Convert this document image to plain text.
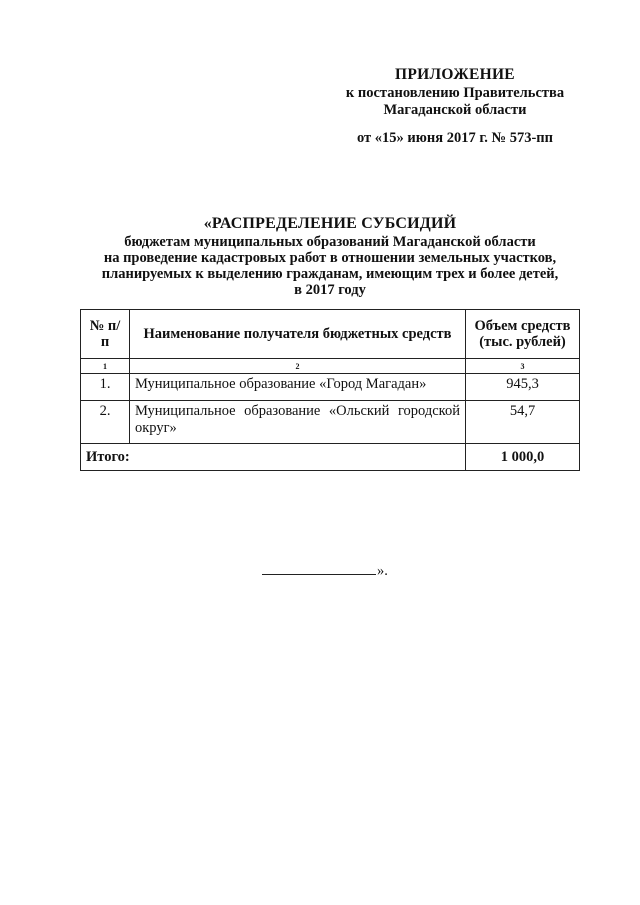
ПРИЛОЖЕНИЕ
к постановлению Правительства
Магаданской области
от «15» июня 2017 г. № 573-пп
«РАСПРЕДЕЛЕНИЕ СУБСИДИЙ
бюджетам муниципальных образований Магаданской области
на проведение кадастровых работ в отношении земельных участков,
планируемых к выделению гражданам, имеющим трех и более детей,
в 2017 году
№ п/п	Наименование получателя бюджетных средств	Объем средств (тыс. рублей)
1	2	3
1.	Муниципальное образование «Город Магадан»	945,3
2.	Муниципальное образование «Ольский городской округ»	54,7
Итого:		1 000,0
».
